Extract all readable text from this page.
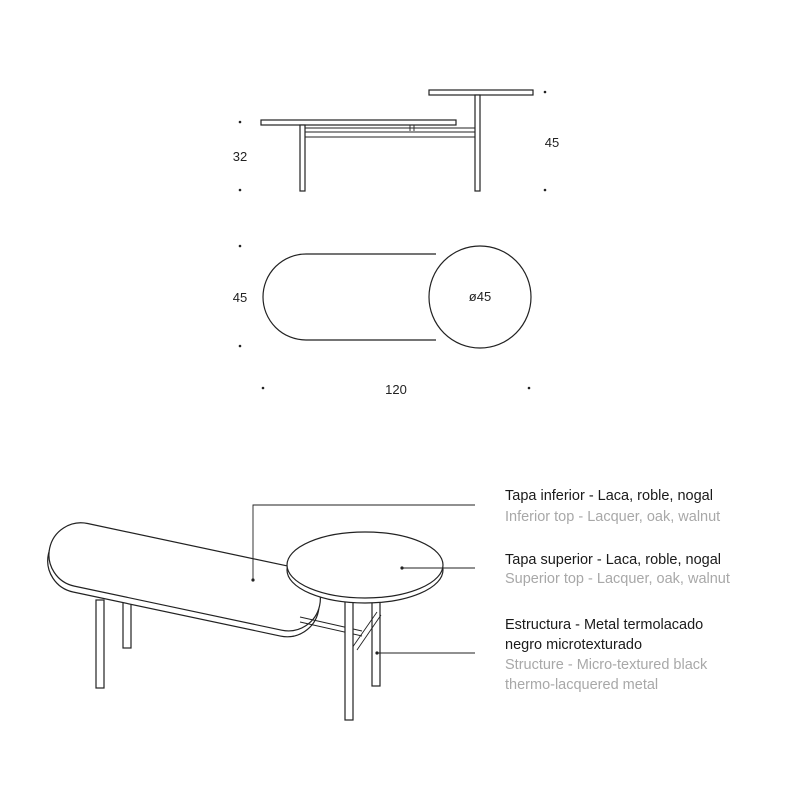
32
45
ø45
45
120
Tapa inferior - Laca, roble, nogal
Inferior top - Lacquer, oak, walnut
Tapa superior - Laca, roble, nogal
Superior top - Lacquer, oak, walnut
Estructura - Metal termolacado
negro microtexturado
Structure - Micro-textured black
thermo-lacquered metal
